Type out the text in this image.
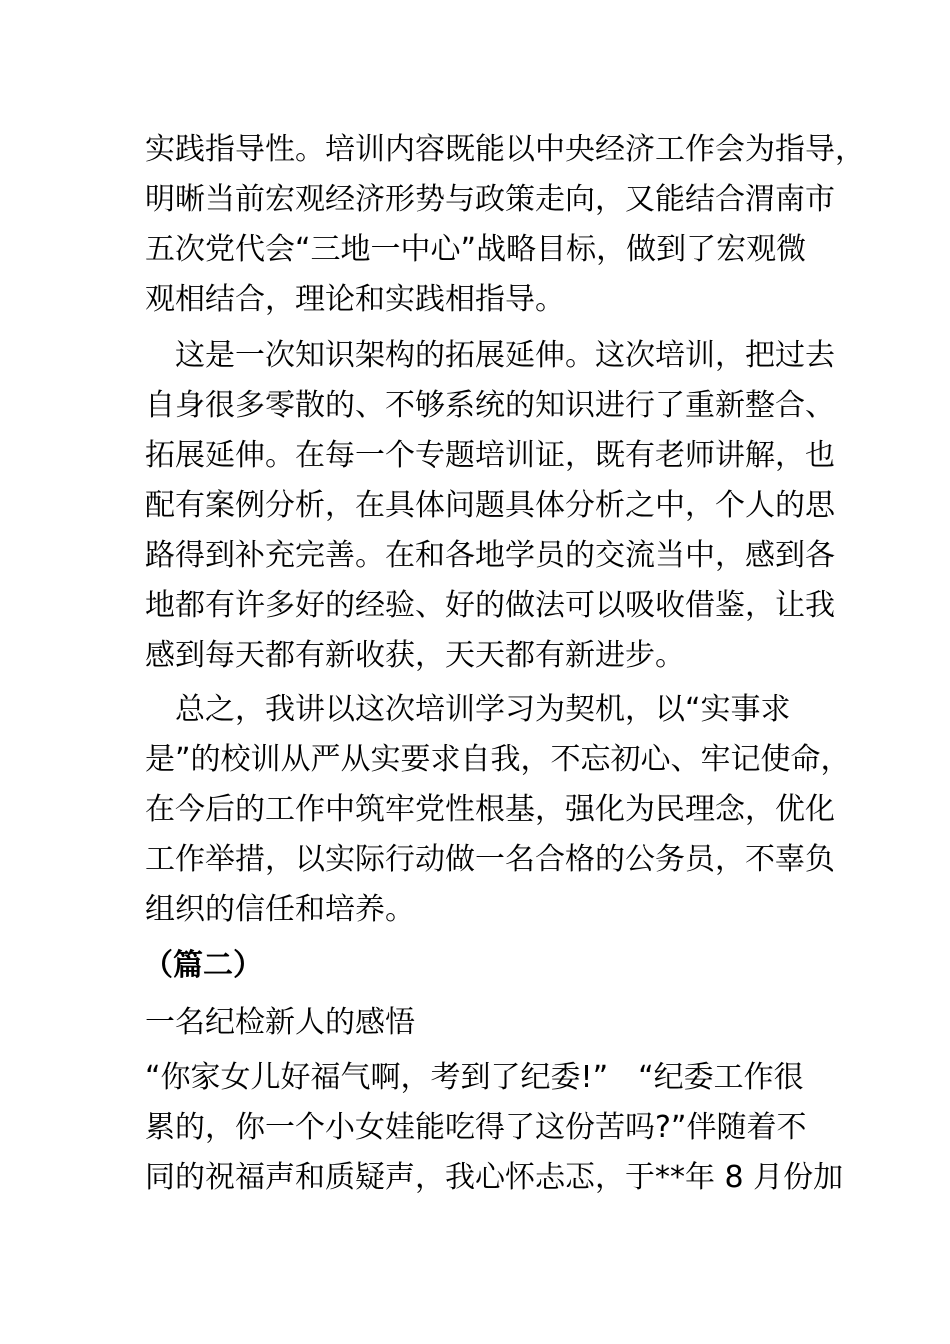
实践指导性。培训内容既能以中央经济工作会为指导，
明晰当前宏观经济形势与政策走向，又能结合渭南市
五次党代会“三地一中心”战略目标，做到了宏观微
观相结合，理论和实践相指导。
　这是一次知识架构的拓展延伸。这次培训，把过去
自身很多零散的、不够系统的知识进行了重新整合、
拓展延伸。在每一个专题培训证，既有老师讲解，也
配有案例分析，在具体问题具体分析之中，个人的思
路得到补充完善。在和各地学员的交流当中，感到各
地都有许多好的经验、好的做法可以吸收借鉴，让我
感到每天都有新收获，天天都有新进步。
　总之，我讲以这次培训学习为契机，以“实事求
是”的校训从严从实要求自我，不忘初心、牢记使命，
在今后的工作中筑牢党性根基，强化为民理念，优化
工作举措，以实际行动做一名合格的公务员，不辜负
组织的信任和培养。
（篇二）
一名纪检新人的感悟
“你家女儿好福气啊，考到了纪委!”　“纪委工作很
累的，你一个小女娃能吃得了这份苦吗?”伴随着不
同的祝福声和质疑声，我心怀忐忑，于**年 8 月份加
